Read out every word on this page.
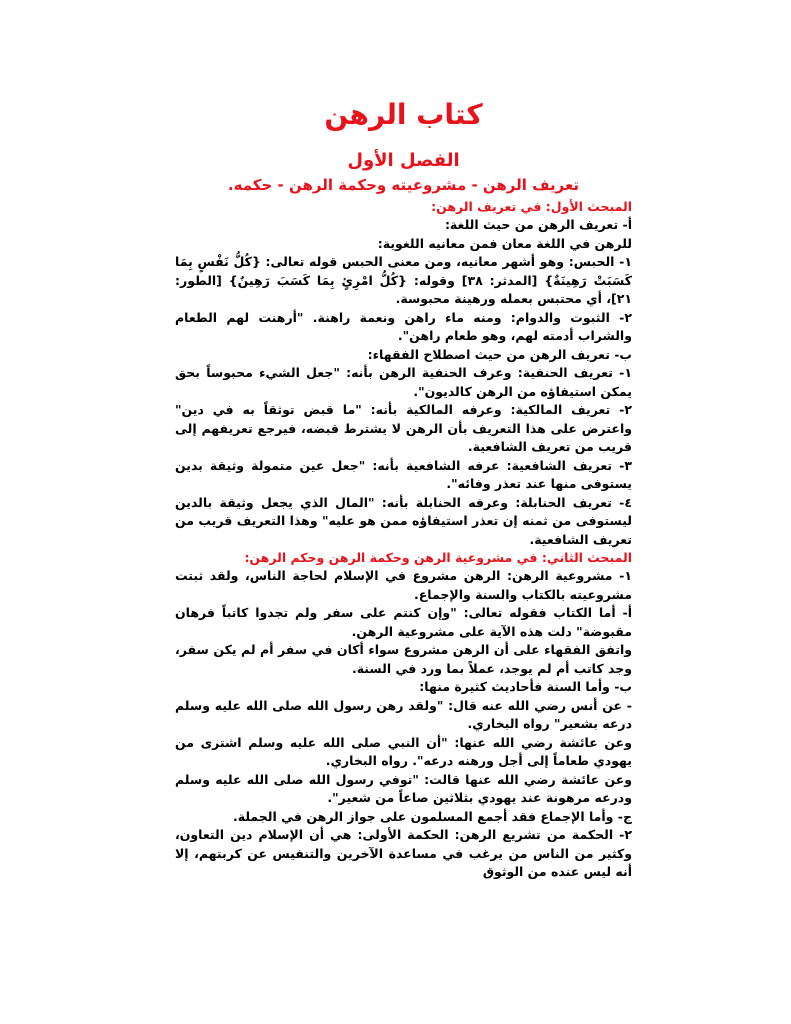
كتاب الرهن
الفصل الأول
تعريف الرهن - مشروعيته وحكمة الرهن - حكمه.

المبحث الأول: في تعريف الرهن:

أ- تعريف الرهن من حيث اللغة:

للرهن في اللغة معان فمن معانيه اللغوية:

١- الحبس: وهو أشهر معانيه، ومن معنى الحبس قوله تعالى: {كُلُّ نَفْسٍ بِمَا كَسَبَتْ رَهِينَةٌ} [المدثر: ٣٨] وقوله: {كُلُّ امْرِئٍ بِمَا كَسَبَ رَهِينٌ} [الطور: ٢١]، أي محتبس بعمله ورهينة محبوسة.

٢- الثبوت والدوام: ومنه ماء راهن ونعمة راهنة. "أرهنت لهم الطعام والشراب أدمته لهم، وهو طعام راهن".

ب- تعريف الرهن من حيث اصطلاح الفقهاء:

١- تعريف الحنفية: وعرف الحنفية الرهن بأنه: "جعل الشيء محبوساً بحق يمكن استيفاؤه من الرهن كالديون".

٢- تعريف المالكية: وعرفه المالكية بأنه: "ما قبض توثقاً به في دين" واعترض على هذا التعريف بأن الرهن لا يشترط قبضه، فيرجع تعريفهم إلى قريب من تعريف الشافعية.

٣- تعريف الشافعية: عرفه الشافعية بأنه: "جعل عين متمولة وثيقة بدين يستوفى منها عند تعذر وفائه".

٤- تعريف الحنابلة: وعرفه الحنابلة بأنه: "المال الذي يجعل وثيقة بالدين ليستوفى من ثمنه إن تعذر استيفاؤه ممن هو عليه" وهذا التعريف قريب من تعريف الشافعية.

المبحث الثاني: في مشروعية الرهن وحكمة الرهن وحكم الرهن:

١- مشروعية الرهن: الرهن مشروع في الإسلام لحاجة الناس، ولقد ثبتت مشروعيته بالكتاب والسنة والإجماع.

أ- أما الكتاب فقوله تعالى: "وإن كنتم على سفر ولم تجدوا كاتباً فرهان مقبوضة" دلت هذه الآية على مشروعية الرهن.

واتفق الفقهاء على أن الرهن مشروع سواء أكان في سفر أم لم يكن سفر، وجد كاتب أم لم يوجد، عملاً بما ورد في السنة.

ب- وأما السنة فأحاديث كثيرة منها:

- عن أنس رضي الله عنه قال: "ولقد رهن رسول الله صلى الله عليه وسلم درعه بشعير" رواه البخاري.

وعن عائشة رضي الله عنها: "أن النبي صلى الله عليه وسلم اشترى من يهودي طعاماً إلى أجل ورهنه درعه". رواه البخاري.

وعن عائشة رضي الله عنها قالت: "توفي رسول الله صلى الله عليه وسلم ودرعه مرهونة عند يهودي بثلاثين صاعاً من شعير".

ج- وأما الإجماع فقد أجمع المسلمون على جواز الرهن في الجملة.

٢- الحكمة من تشريع الرهن: الحكمة الأولى: هي أن الإسلام دين التعاون، وكثير من الناس من يرغب في مساعدة الآخرين والتنفيس عن كربتهم، إلا أنه ليس عنده من الوثوق
